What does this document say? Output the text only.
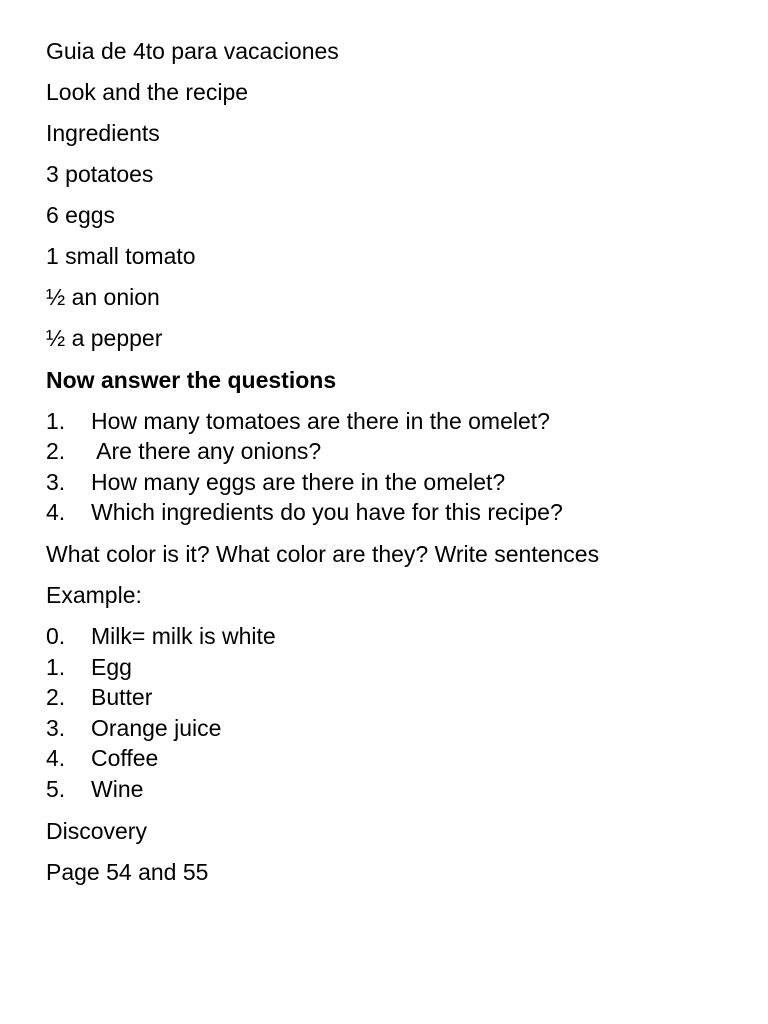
Guia de 4to para vacaciones
Look and the recipe
Ingredients
3 potatoes
6 eggs
1 small tomato
½ an onion
½ a pepper
Now answer the questions
1. How many tomatoes are there in the omelet?
2. Are there any onions?
3. How many eggs are there in the omelet?
4. Which ingredients do you have for this recipe?
What color is it? What color are they? Write sentences
Example:
0. Milk= milk is white
1. Egg
2. Butter
3. Orange juice
4. Coffee
5. Wine
Discovery
Page 54 and 55
